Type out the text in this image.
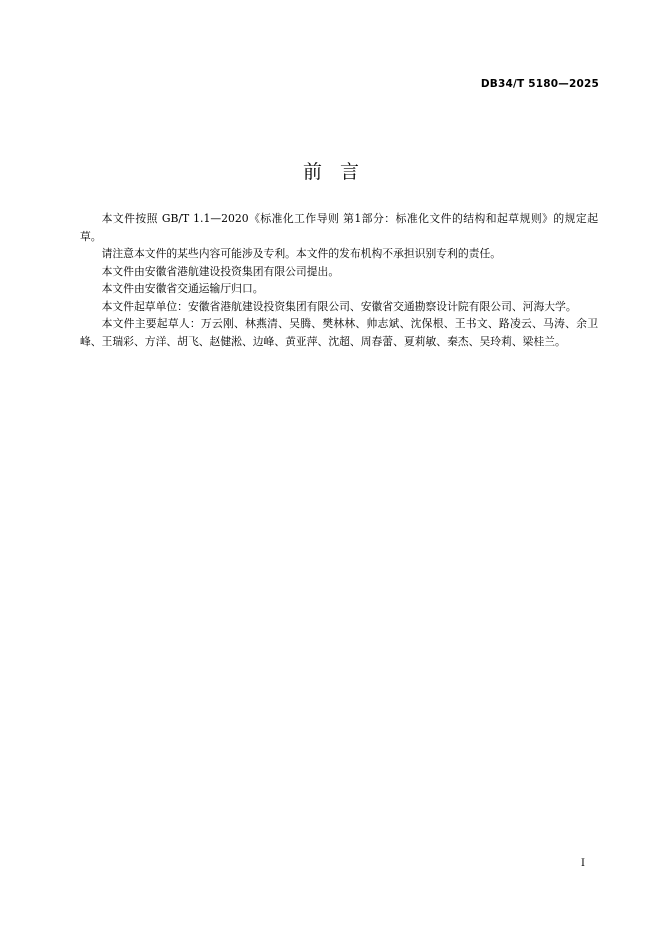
DB34/T 5180—2025
前   言

本文件按照 GB/T 1.1—2020《标准化工作导则 第1部分：标准化文件的结构和起草规则》的规定起草。

请注意本文件的某些内容可能涉及专利。本文件的发布机构不承担识别专利的责任。

本文件由安徽省港航建设投资集团有限公司提出。

本文件由安徽省交通运输厅归口。

本文件起草单位：安徽省港航建设投资集团有限公司、安徽省交通勘察设计院有限公司、河海大学。

本文件主要起草人：万云刚、林燕清、吴腾、樊林林、帅志斌、沈保根、王书文、路凌云、马涛、余卫峰、王瑞彩、方洋、胡飞、赵健淞、边峰、黄亚萍、沈超、周春蕾、夏莉敏、秦杰、吴玲莉、梁桂兰。

I
